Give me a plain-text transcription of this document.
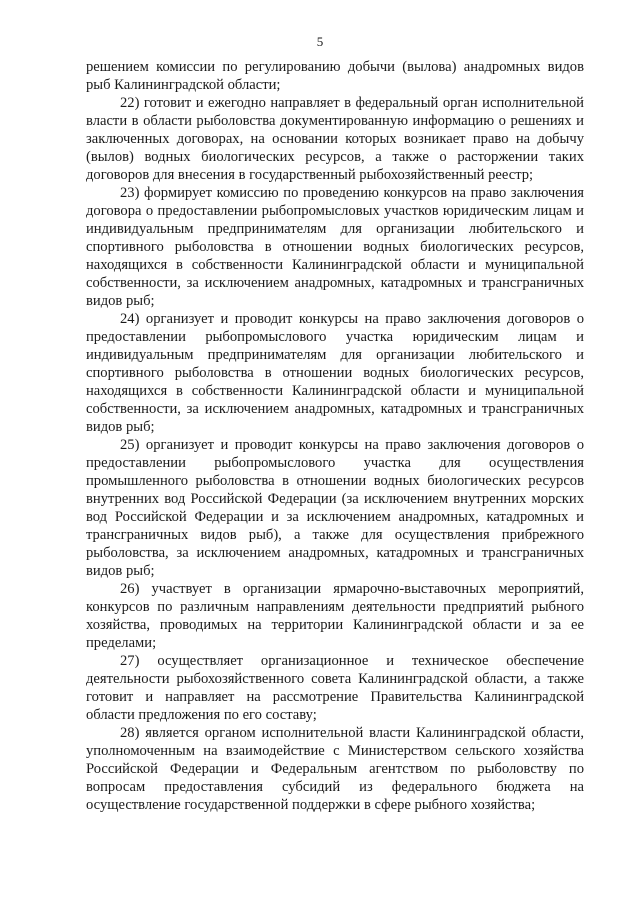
5

решением комиссии по регулированию добычи (вылова) анадромных видов рыб Калининградской области;

22) готовит и ежегодно направляет в федеральный орган исполнительной власти в области рыболовства документированную информацию о решениях и заключенных договорах, на основании которых возникает право на добычу (вылов) водных биологических ресурсов, а также о расторжении таких договоров для внесения в государственный рыбохозяйственный реестр;

23) формирует комиссию по проведению конкурсов на право заключения договора о предоставлении рыбопромысловых участков юридическим лицам и индивидуальным предпринимателям для организации любительского и спортивного рыболовства в отношении водных биологических ресурсов, находящихся в собственности Калининградской области и муниципальной собственности, за исключением анадромных, катадромных и трансграничных видов рыб;

24) организует и проводит конкурсы на право заключения договоров о предоставлении рыбопромыслового участка юридическим лицам и индивидуальным предпринимателям для организации любительского и спортивного рыболовства в отношении водных биологических ресурсов, находящихся в собственности Калининградской области и муниципальной собственности, за исключением анадромных, катадромных и трансграничных видов рыб;

25) организует и проводит конкурсы на право заключения договоров о предоставлении рыбопромыслового участка для осуществления промышленного рыболовства в отношении водных биологических ресурсов внутренних вод Российской Федерации (за исключением внутренних морских вод Российской Федерации и за исключением анадромных, катадромных и трансграничных видов рыб), а также для осуществления прибрежного рыболовства, за исключением анадромных, катадромных и трансграничных видов рыб;

26) участвует в организации ярмарочно-выставочных мероприятий, конкурсов по различным направлениям деятельности предприятий рыбного хозяйства, проводимых на территории Калининградской области и за ее пределами;

27) осуществляет организационное и техническое обеспечение деятельности рыбохозяйственного совета Калининградской области, а также готовит и направляет на рассмотрение Правительства Калининградской области предложения по его составу;

28) является органом исполнительной власти Калининградской области, уполномоченным на взаимодействие с Министерством сельского хозяйства Российской Федерации и Федеральным агентством по рыболовству по вопросам предоставления субсидий из федерального бюджета на осуществление государственной поддержки в сфере рыбного хозяйства;
